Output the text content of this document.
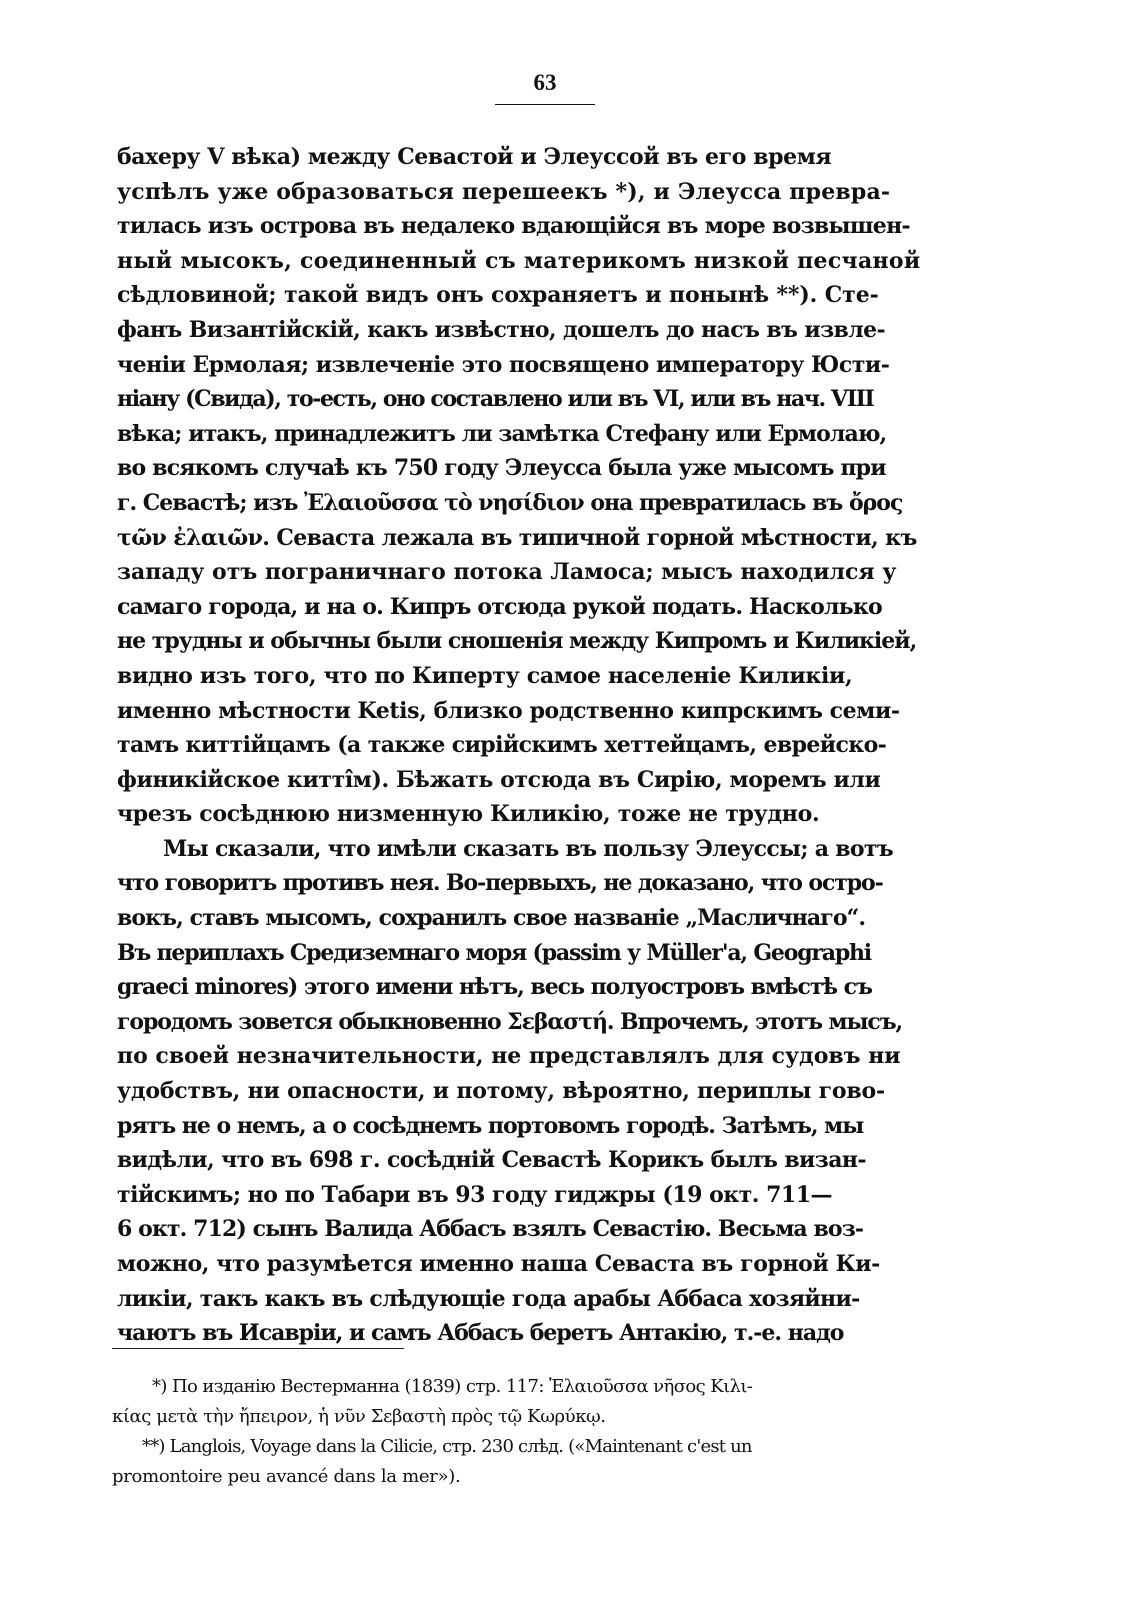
63
бахеру V вѣка) между Севастой и Элеуссой въ его время
успѣлъ уже образоваться перешеекъ *), и Элеусса превра-
тилась изъ острова въ недалеко вдающійся въ море возвышен-
ный мысокъ, соединенный съ материкомъ низкой песчаной
сѣдловиной; такой видъ онъ сохраняетъ и понынѣ **). Сте-
фанъ Византійскій, какъ извѣстно, дошелъ до насъ въ извле-
ченіи Ермолая; извлеченіе это посвящено императору Юсти-
ніану (Свида), то-есть, оно составлено или въ VI, или въ нач. VIII
вѣка; итакъ, принадлежитъ ли замѣтка Стефану или Ермолаю,
во всякомъ случаѣ къ 750 году Элеусса была уже мысомъ при
г. Севастѣ; изъ Ἐλαιοῦσσα τὸ νησίδιον она превратилась въ ὄρος
τῶν ἐλαιῶν. Севаста лежала въ типичной горной мѣстности, къ
западу отъ пограничнаго потока Ламоса; мысъ находился у
самаго города, и на о. Кипръ отсюда рукой подать. Насколько
не трудны и обычны были сношенія между Кипромъ и Киликіей,
видно изъ того, что по Киперту самое населеніе Киликіи,
именно мѣстности Ketis, близко родственно кипрскимъ семи-
тамъ киттійцамъ (а также сирійскимъ хеттейцамъ, еврейско-
финикійское киттîм). Бѣжать отсюда въ Сирію, моремъ или
чрезъ сосѣднюю низменную Киликію, тоже не трудно.
Мы сказали, что имѣли сказать въ пользу Элеуссы; а вотъ
что говоритъ противъ нея. Во-первыхъ, не доказано, что остро-
вокъ, ставъ мысомъ, сохранилъ свое названіе „Масличнаго“.
Въ периплахъ Средиземнаго моря (passim у Müller'a, Geographi
graeci minores) этого имени нѣтъ, весь полуостровъ вмѣстѣ съ
городомъ зовется обыкновенно Σεβαστή. Впрочемъ, этотъ мысъ,
по своей незначительности, не представлялъ для судовъ ни
удобствъ, ни опасности, и потому, вѣроятно, периплы гово-
рятъ не о немъ, а о сосѣднемъ портовомъ городѣ. Затѣмъ, мы
видѣли, что въ 698 г. сосѣдній Севастѣ Корикъ былъ визан-
тійскимъ; но по Табари въ 93 году гиджры (19 окт. 711—
6 окт. 712) сынъ Валида Аббасъ взялъ Севастію. Весьма воз-
можно, что разумѣется именно наша Севаста въ горной Ки-
ликіи, такъ какъ въ слѣдующіе года арабы Аббаса хозяйни-
чаютъ въ Исавріи, и самъ Аббасъ беретъ Антакію, т.-е. надо
*) По изданію Вестерманна (1839) стр. 117: Ἐλαιοῦσσα νῆσος Κιλι-
κίας μετὰ τὴν ἤπειρον, ἡ νῦν Σεβαστὴ πρὸς τῷ Κωρύκῳ.
**) Langlois, Voyage dans la Cilicie, стр. 230 слѣд. («Maintenant c'est un
promontoire peu avancé dans la mer»).
